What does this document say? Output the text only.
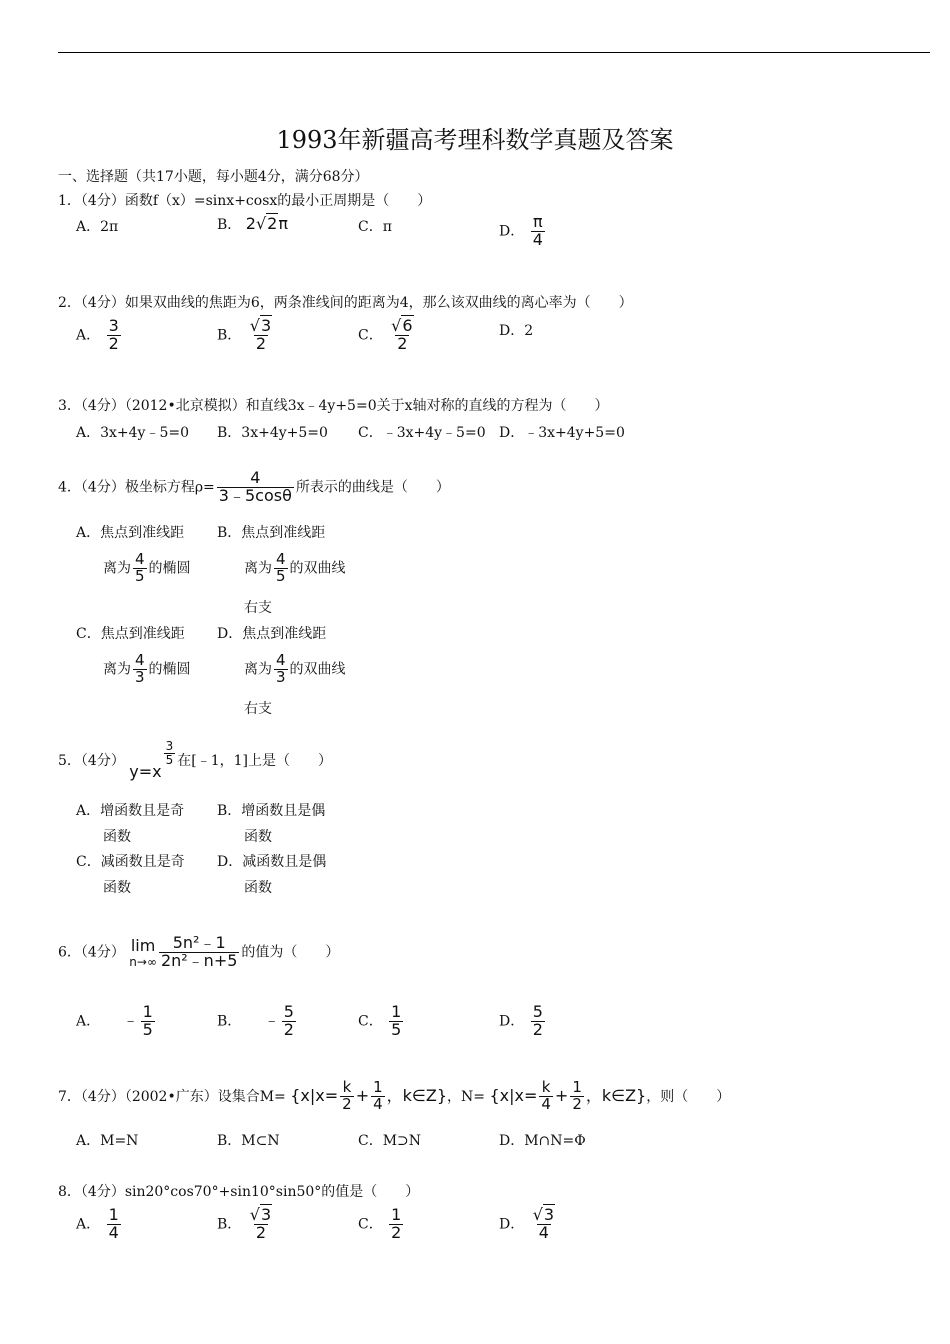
1993年新疆高考理科数学真题及答案
一、选择题（共17小题，每小题4分，满分68分）
1．（4分）函数f（x）=sinx+cosx的最小正周期是（　　）
A．2π	B． 2√2π	C．π	D． $\frac{\pi}{4}$
2．（4分）如果双曲线的焦距为6，两条准线间的距离为4，那么该双曲线的离心率为（　　）
A． $\frac{3}{2}$	B． $\frac{√3}{2}$	C． $\frac{√6}{2}$	D．2
3．（4分）（2012•北京模拟）和直线3x﹣4y+5=0关于x轴对称的直线的方程为（　　）
A．3x+4y﹣5=0 B．3x+4y+5=0 C．﹣3x+4y﹣5=0 D．﹣3x+4y+5=0
4．（4分）极坐标方程$\rho= \frac{4}{3﹣5\cos\theta}$ 所表示的曲线是（　　）
A．焦点到准线距
离为 $\frac{4}{5}$ 的椭圆
B．焦点到准线距
离为 $\frac{4}{5}$ 的双曲线
右支
C．焦点到准线距
离为 $\frac{4}{3}$ 的椭圆
D．焦点到准线距
离为 $\frac{4}{3}$ 的双曲线
右支
5．（4分） y=x
$\frac{3}{5}$ 在[﹣1，1]上是（　　）
A．增函数且是奇
函数
B．增函数且是偶
函数
C．减函数且是奇
函数
D．减函数且是偶
函数
6．（4分） lim
$n\to\infty \frac{\text{5n²﹣1}}{\text{2n²﹣n+5}}$ 的值为（　　）
A． ﹣ $\frac{1}{5}$	B． ﹣ $\frac{5}{2}$	C． $\frac{1}{5}$	D． $\frac{5}{2}$
7．（4分）（2002•广东）设集合$M= \{x|x= \frac{k}{2} + \frac{1}{4}$ ，k∈Z}，$N= \{x|x= \frac{k}{4} + \frac{1}{2}$ ，k∈Z}，则（　　）
A．M=N	B．M⊂N	C．M⊃N	D．M∩N=Φ
8．（4分）sin20°cos70°+sin10°sin50°的值是（　　）
A． $\frac{1}{4}$	B． $\frac{√3}{2}$	C． $\frac{1}{2}$	D． $\frac{√3}{4}$
